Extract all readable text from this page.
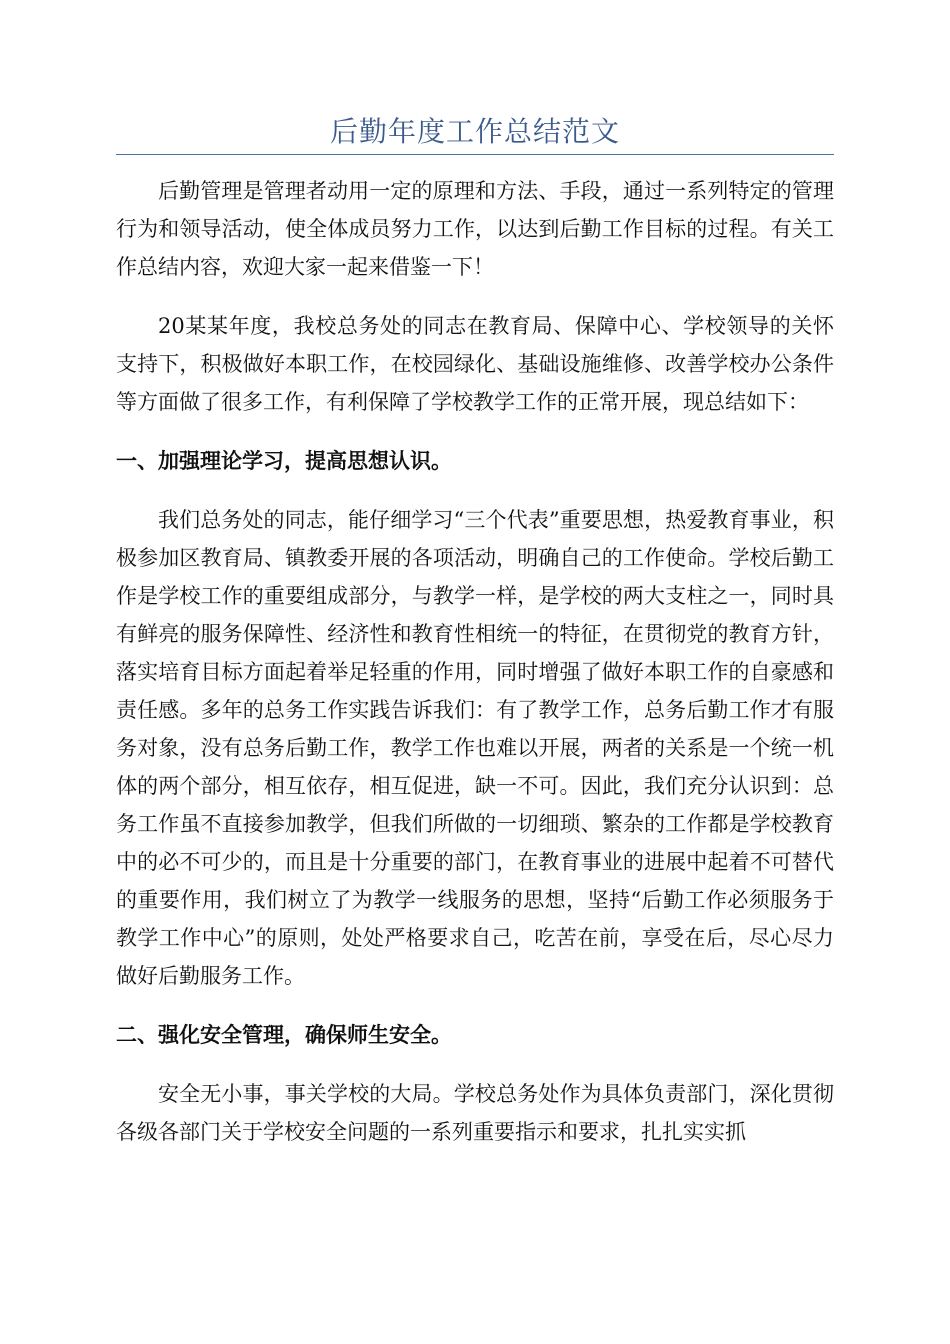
后勤年度工作总结范文

后勤管理是管理者动用一定的原理和方法、手段，通过一系列特定的管理行为和领导活动，使全体成员努力工作，以达到后勤工作目标的过程。有关工作总结内容，欢迎大家一起来借鉴一下！

20某某年度，我校总务处的同志在教育局、保障中心、学校领导的关怀支持下，积极做好本职工作，在校园绿化、基础设施维修、改善学校办公条件等方面做了很多工作，有利保障了学校教学工作的正常开展，现总结如下：

一、加强理论学习，提高思想认识。

我们总务处的同志，能仔细学习“三个代表”重要思想，热爱教育事业，积极参加区教育局、镇教委开展的各项活动，明确自己的工作使命。学校后勤工作是学校工作的重要组成部分，与教学一样，是学校的两大支柱之一，同时具有鲜亮的服务保障性、经济性和教育性相统一的特征，在贯彻党的教育方针，落实培育目标方面起着举足轻重的作用，同时增强了做好本职工作的自豪感和责任感。多年的总务工作实践告诉我们：有了教学工作，总务后勤工作才有服务对象，没有总务后勤工作，教学工作也难以开展，两者的关系是一个统一机体的两个部分，相互依存，相互促进，缺一不可。因此，我们充分认识到：总务工作虽不直接参加教学，但我们所做的一切细琐、繁杂的工作都是学校教育中的必不可少的，而且是十分重要的部门，在教育事业的进展中起着不可替代的重要作用，我们树立了为教学一线服务的思想，坚持“后勤工作必须服务于教学工作中心”的原则，处处严格要求自己，吃苦在前，享受在后，尽心尽力做好后勤服务工作。

二、强化安全管理，确保师生安全。

安全无小事，事关学校的大局。学校总务处作为具体负责部门，深化贯彻各级各部门关于学校安全问题的一系列重要指示和要求，扎扎实实抓
